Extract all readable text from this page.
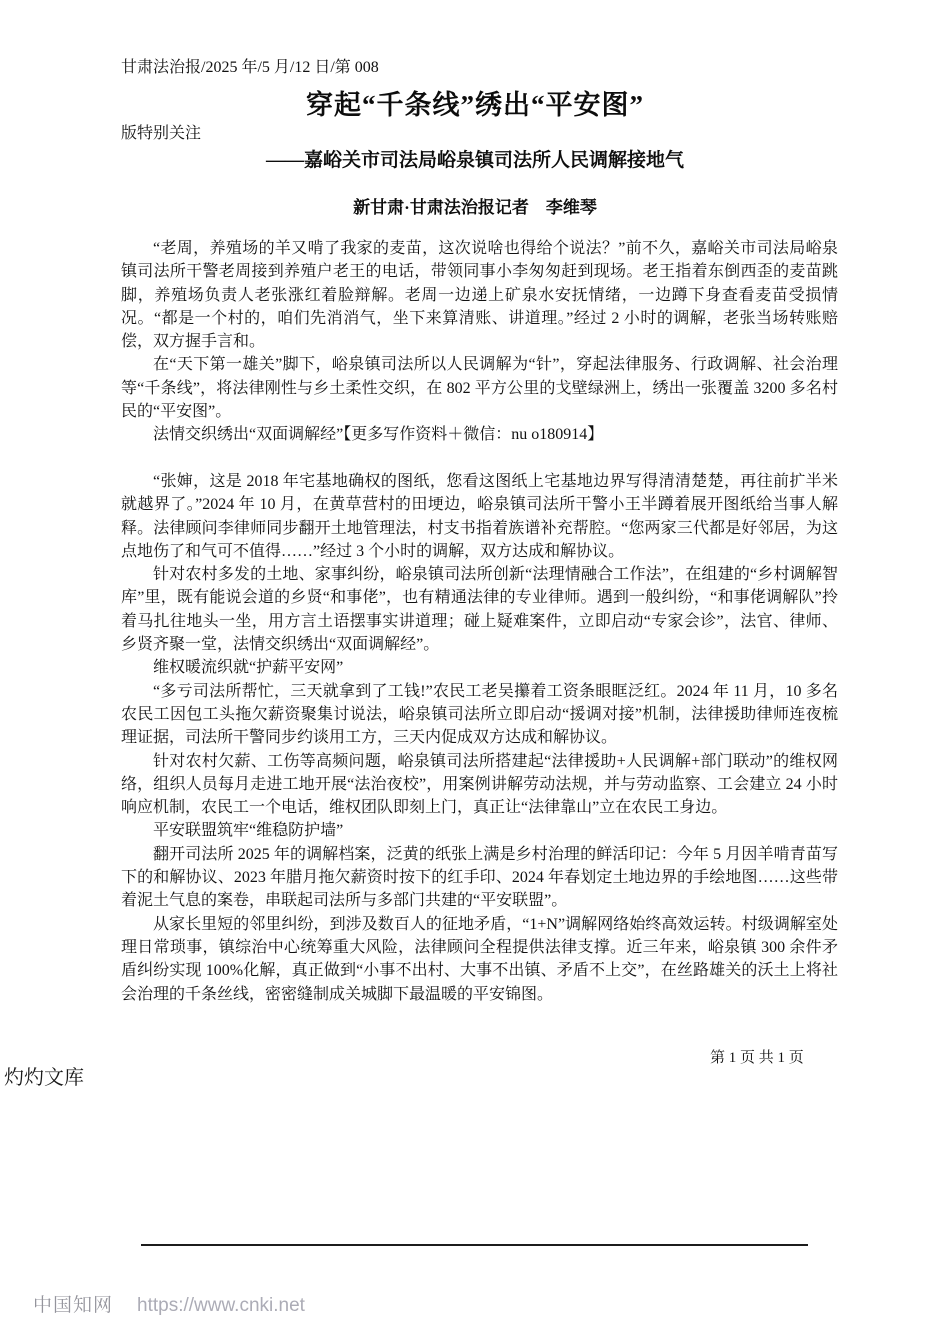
甘肃法治报/2025 年/5 月/12 日/第 008

版特别关注

穿起“千条线”绣出“平安图”
——嘉峪关市司法局峪泉镇司法所人民调解接地气
新甘肃·甘肃法治报记者　李维琴

“老周，养殖场的羊又啃了我家的麦苗，这次说啥也得给个说法？”前不久，嘉峪关市司法局峪泉镇司法所干警老周接到养殖户老王的电话，带领同事小李匆匆赶到现场。老王指着东倒西歪的麦苗跳脚，养殖场负责人老张涨红着脸辩解。老周一边递上矿泉水安抚情绪，一边蹲下身查看麦苗受损情况。“都是一个村的，咱们先消消气，坐下来算清账、讲道理。”经过 2 小时的调解，老张当场转账赔偿，双方握手言和。

在“天下第一雄关”脚下，峪泉镇司法所以人民调解为“针”，穿起法律服务、行政调解、社会治理等“千条线”，将法律刚性与乡土柔性交织，在 802 平方公里的戈壁绿洲上，绣出一张覆盖 3200 多名村民的“平安图”。

法情交织绣出“双面调解经”【更多写作资料＋微信：nu o180914】

“张婶，这是 2018 年宅基地确权的图纸，您看这图纸上宅基地边界写得清清楚楚，再往前扩半米就越界了。”2024 年 10 月，在黄草营村的田埂边，峪泉镇司法所干警小王半蹲着展开图纸给当事人解释。法律顾问李律师同步翻开土地管理法，村支书指着族谱补充帮腔。“您两家三代都是好邻居，为这点地伤了和气可不值得……”经过 3 个小时的调解，双方达成和解协议。

针对农村多发的土地、家事纠纷，峪泉镇司法所创新“法理情融合工作法”，在组建的“乡村调解智库”里，既有能说会道的乡贤“和事佬”，也有精通法律的专业律师。遇到一般纠纷，“和事佬调解队”拎着马扎往地头一坐，用方言土语摆事实讲道理；碰上疑难案件，立即启动“专家会诊”，法官、律师、乡贤齐聚一堂，法情交织绣出“双面调解经”。

维权暖流织就“护薪平安网”

“多亏司法所帮忙，三天就拿到了工钱!”农民工老吴攥着工资条眼眶泛红。2024 年 11 月，10 多名农民工因包工头拖欠薪资聚集讨说法，峪泉镇司法所立即启动“援调对接”机制，法律援助律师连夜梳理证据，司法所干警同步约谈用工方，三天内促成双方达成和解协议。

针对农村欠薪、工伤等高频问题，峪泉镇司法所搭建起“法律援助+人民调解+部门联动”的维权网络，组织人员每月走进工地开展“法治夜校”，用案例讲解劳动法规，并与劳动监察、工会建立 24 小时响应机制，农民工一个电话，维权团队即刻上门，真正让“法律靠山”立在农民工身边。

平安联盟筑牢“维稳防护墙”

翻开司法所 2025 年的调解档案，泛黄的纸张上满是乡村治理的鲜活印记：今年 5 月因羊啃青苗写下的和解协议、2023 年腊月拖欠薪资时按下的红手印、2024 年春划定土地边界的手绘地图……这些带着泥土气息的案卷，串联起司法所与多部门共建的“平安联盟”。

从家长里短的邻里纠纷，到涉及数百人的征地矛盾，“1+N”调解网络始终高效运转。村级调解室处理日常琐事，镇综治中心统筹重大风险，法律顾问全程提供法律支撑。近三年来，峪泉镇 300 余件矛盾纠纷实现 100%化解，真正做到“小事不出村、大事不出镇、矛盾不上交”，在丝路雄关的沃土上将社会治理的千条丝线，密密缝制成关城脚下最温暖的平安锦图。

第 1 页 共 1 页
灼灼文库
中国知网 https://www.cnki.net
